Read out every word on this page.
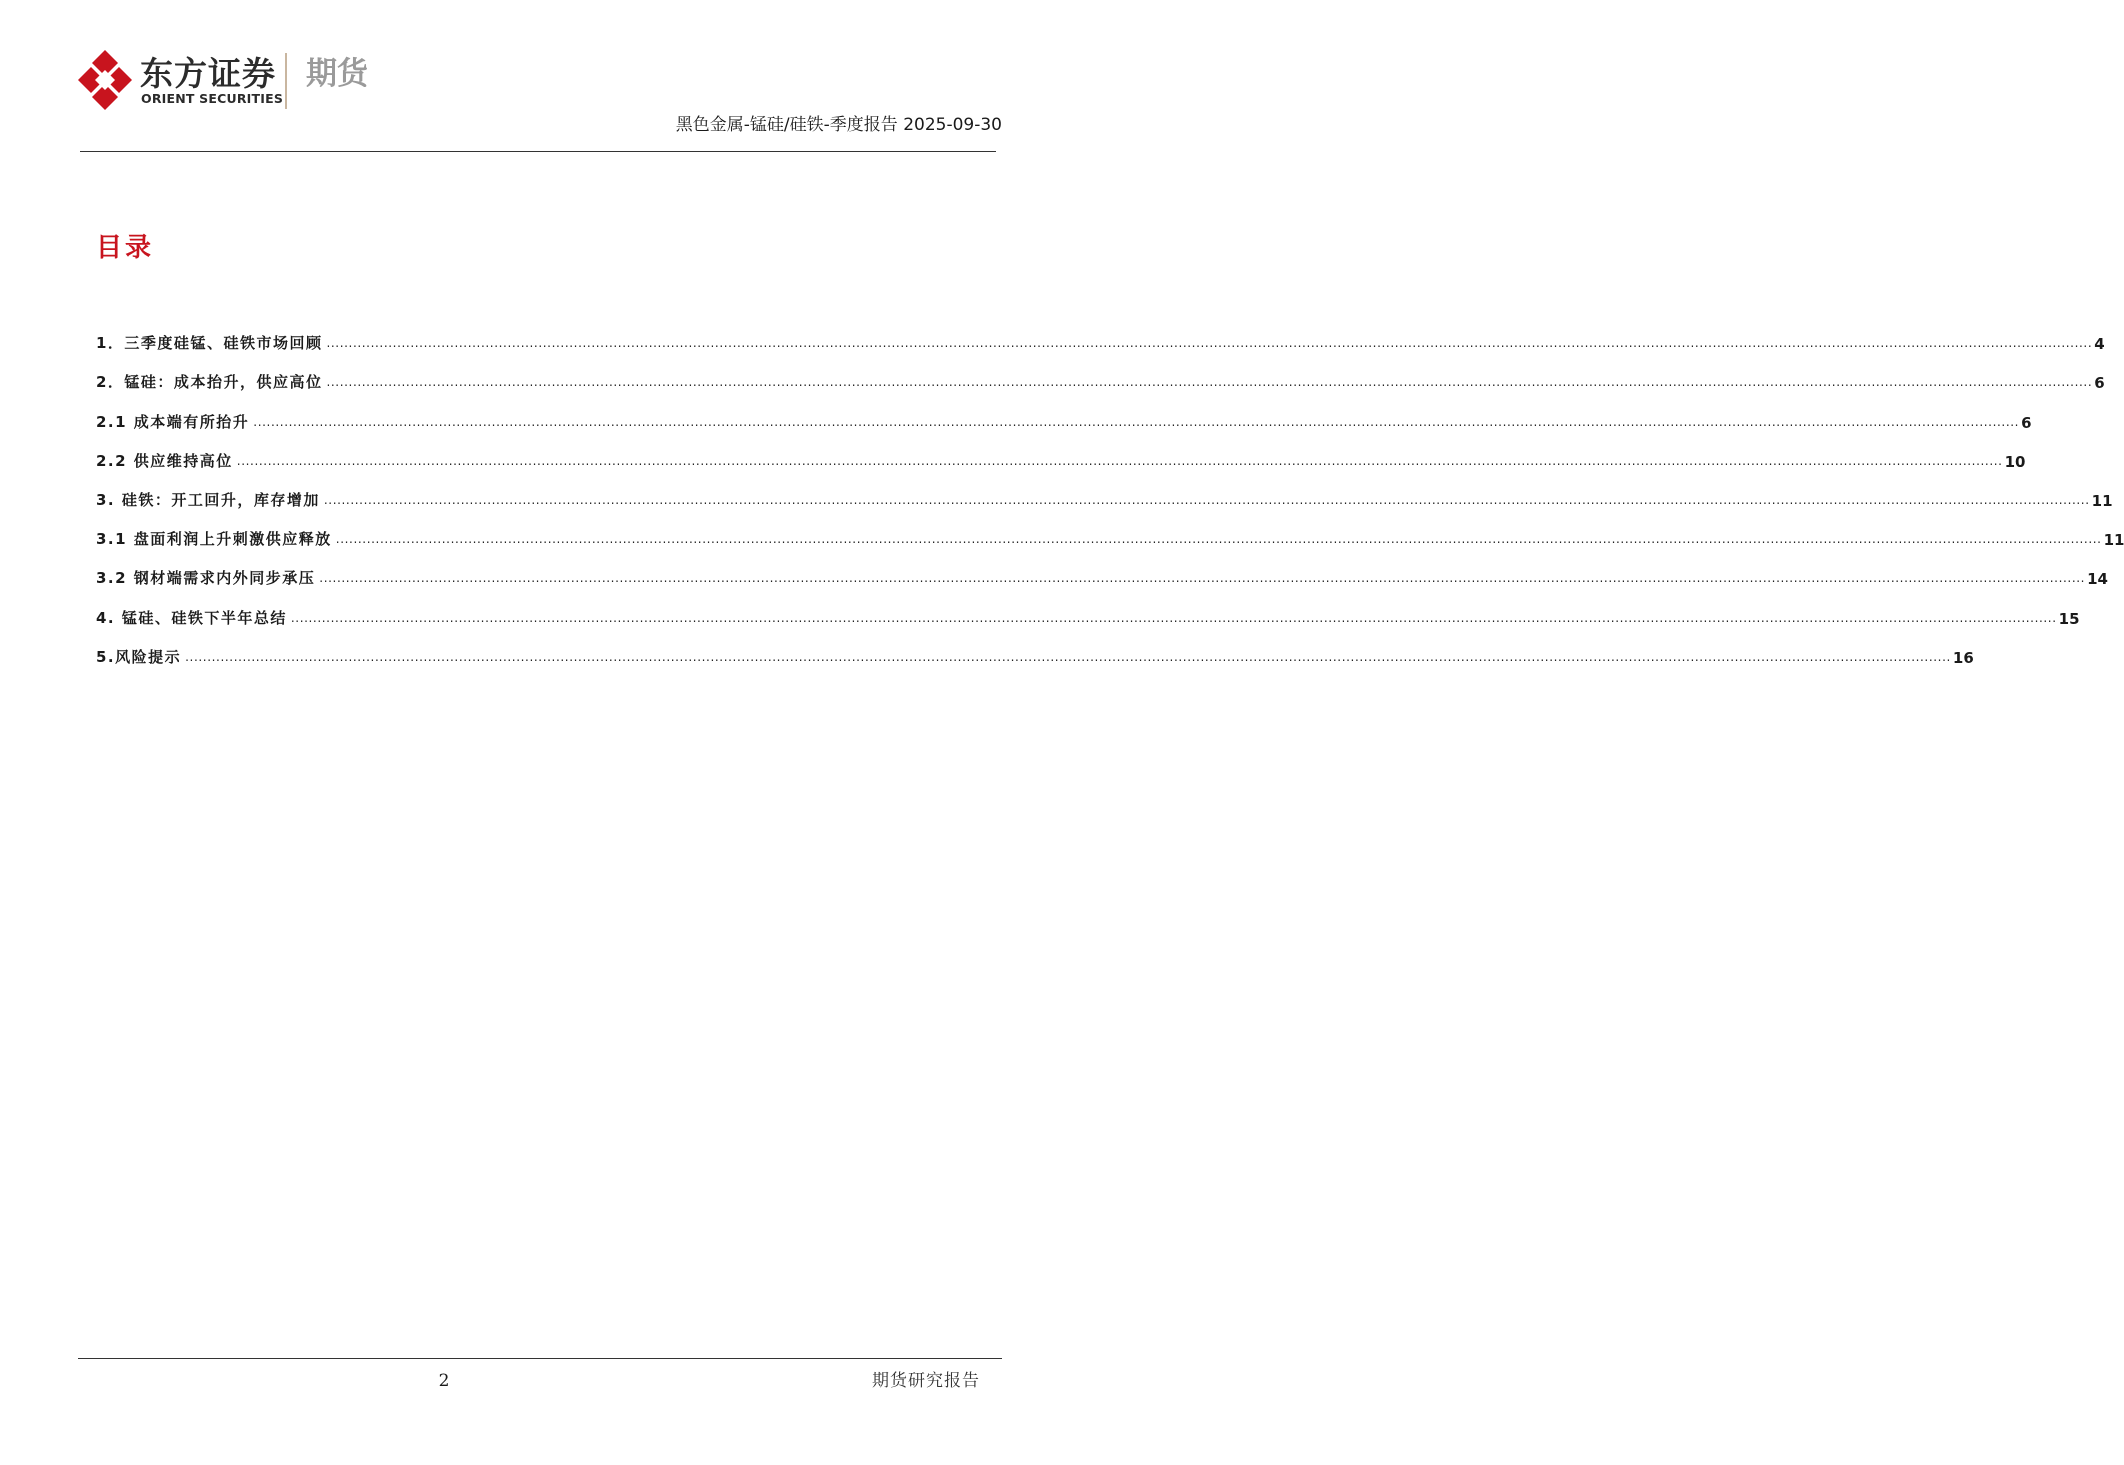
东方证券
ORIENT SECURITIES
期货
黑色金属-锰硅/硅铁-季度报告 2025-09-30
目录
1．三季度硅锰、硅铁市场回顾 ................................................................................................................................................................................................................................................................................................................................................................................................................ 4
2．锰硅：成本抬升，供应高位 ................................................................................................................................................................................................................................................................................................................................................................................................................ 6
2.1 成本端有所抬升 ................................................................................................................................................................................................................................................................................................................................................................................................................ 6
2.2 供应维持高位 ................................................................................................................................................................................................................................................................................................................................................................................................................ 10
3. 硅铁：开工回升，库存增加 ................................................................................................................................................................................................................................................................................................................................................................................................................ 11
3.1 盘面利润上升刺激供应释放 ................................................................................................................................................................................................................................................................................................................................................................................................................ 11
3.2 钢材端需求内外同步承压 ................................................................................................................................................................................................................................................................................................................................................................................................................ 14
4. 锰硅、硅铁下半年总结 ................................................................................................................................................................................................................................................................................................................................................................................................................ 15
5.风险提示 ................................................................................................................................................................................................................................................................................................................................................................................................................ 16
2	期货研究报告
